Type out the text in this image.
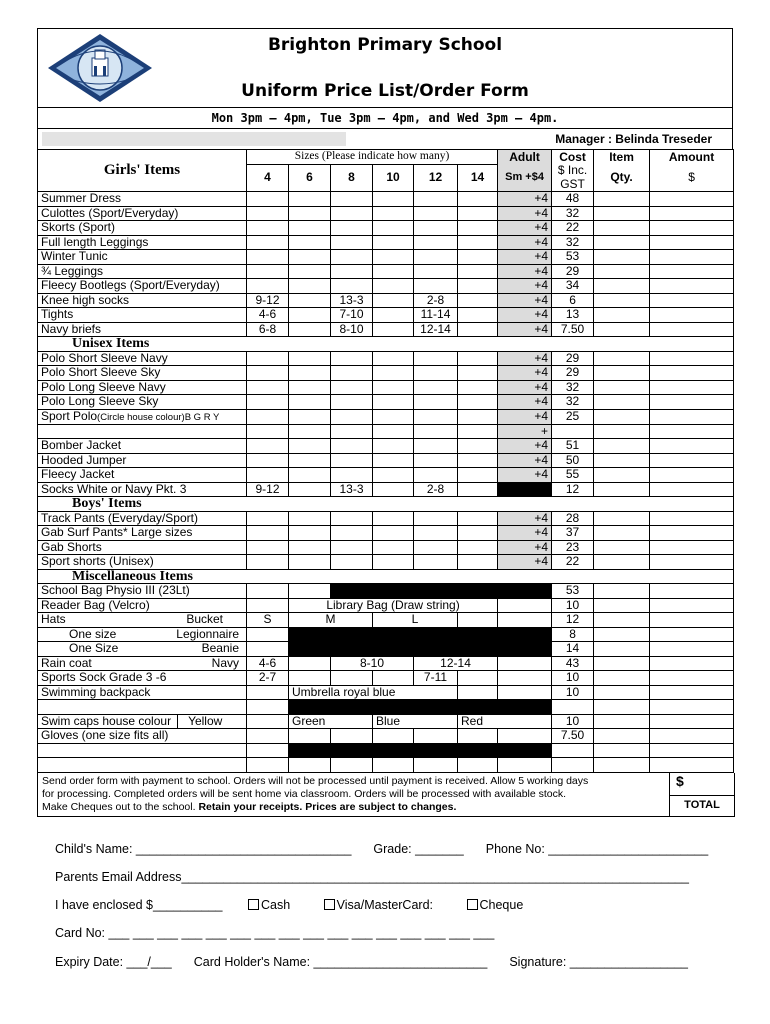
Brighton Primary School
Uniform Price List/Order Form
Mon 3pm – 4pm, Tue 3pm – 4pm, and Wed 3pm – 4pm.
Manager : Belinda Treseder
Girls' Items	Sizes (Please indicate how many)						Adult	Cost	Item	Amount
	4	6	8	10	12	14	Sm +$4	$ Inc.	Qty.	$
								GST		
Summer Dress							+4	48		
Culottes (Sport/Everyday)							+4	32		
Skorts (Sport)							+4	22		
Full length Leggings							+4	32		
Winter Tunic							+4	53		
¾ Leggings							+4	29		
Fleecy Bootlegs (Sport/Everyday)							+4	34		
Knee high socks	9-12		13-3		2-8		+4	6		
Tights	4-6		7-10		11-14		+4	13		
Navy briefs	6-8		8-10		12-14		+4	7.50		
Unisex Items										
Polo Short Sleeve Navy							+4	29		
Polo Short Sleeve Sky							+4	29		
Polo Long Sleeve Navy							+4	32		
Polo Long Sleeve Sky							+4	32		
Sport Polo(Circle house colour)B G R Y							+4	25		
							+			
Bomber Jacket							+4	51		
Hooded Jumper							+4	50		
Fleecy Jacket							+4	55		
Socks White or Navy Pkt. 3	9-12		13-3		2-8			12		
Boys' Items										
Track Pants (Everyday/Sport)							+4	28		
Gab Surf Pants* Large sizes							+4	37		
Gab Shorts							+4	23		
Sport shorts (Unisex)							+4	22		
Miscellaneous Items										
School Bag Physio III (23Lt)								53		
Reader Bag (Velcro)		Library Bag (Draw string)						10		
Hats Bucket	S	M		L				12		
One size Legionnaire								8		
One Size Beanie								14		
Rain coat Navy	4-6		8-10		12-14			43		
Sports Sock Grade 3 -6	2-7				7-11			10		
Swimming backpack		Umbrella royal blue						10		

Swim caps house colour Yellow		Green		Blue		Red		10		
Gloves (one size fits all)								7.50		

Send order form with payment to school. Orders will not be processed until payment is received. Allow 5 working days
for processing. Completed orders will be sent home via classroom. Orders will be processed with available stock.
Make Cheques out to the school. Retain your receipts. Prices are subject to changes.
$
TOTAL
Child's Name: _______________________________ Grade: _______ Phone No: _______________________
Parents Email Address_________________________________________________________________________
I have enclosed $__________	Cash	Visa/MasterCard:	Cheque
Card No: ___ ___ ___ ___ ___ ___ ___ ___ ___ ___ ___ ___ ___ ___ ___ ___
Expiry Date: ___/___ Card Holder's Name: _________________________ Signature: _________________
